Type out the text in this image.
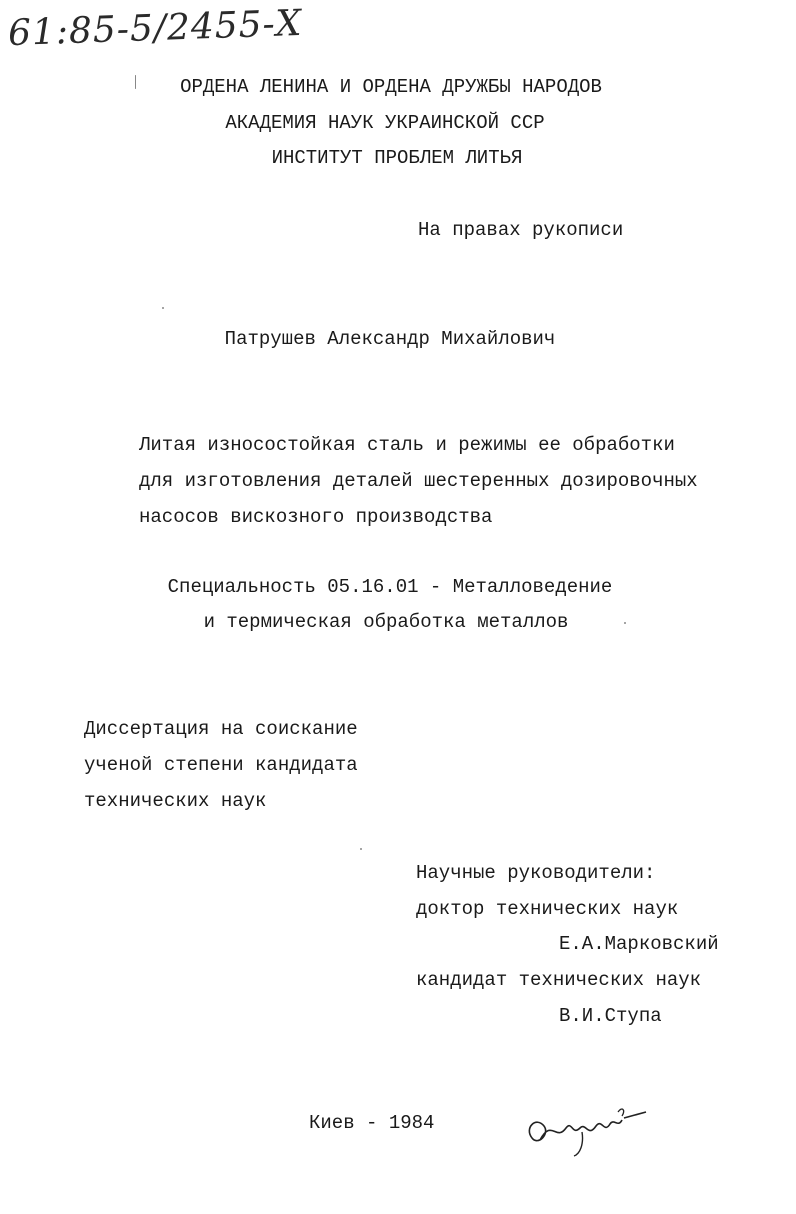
61:85-5/2455-Х
ОРДЕНА ЛЕНИНА И ОРДЕНА ДРУЖБЫ НАРОДОВ
АКАДЕМИЯ НАУК УКРАИНСКОЙ ССР
ИНСТИТУТ ПРОБЛЕМ ЛИТЬЯ
На правах рукописи
Патрушев Александр Михайлович
Литая износостойкая сталь и режимы ее обработки
для изготовления деталей шестеренных дозировочных
насосов вискозного производства
Специальность 05.16.01 - Металловедение
и термическая обработка металлов
Диссертация на соискание
ученой степени кандидата
технических наук
Научные руководители:
доктор технических наук
Е.А.Марковский
кандидат технических наук
В.И.Ступа
Киев - 1984
